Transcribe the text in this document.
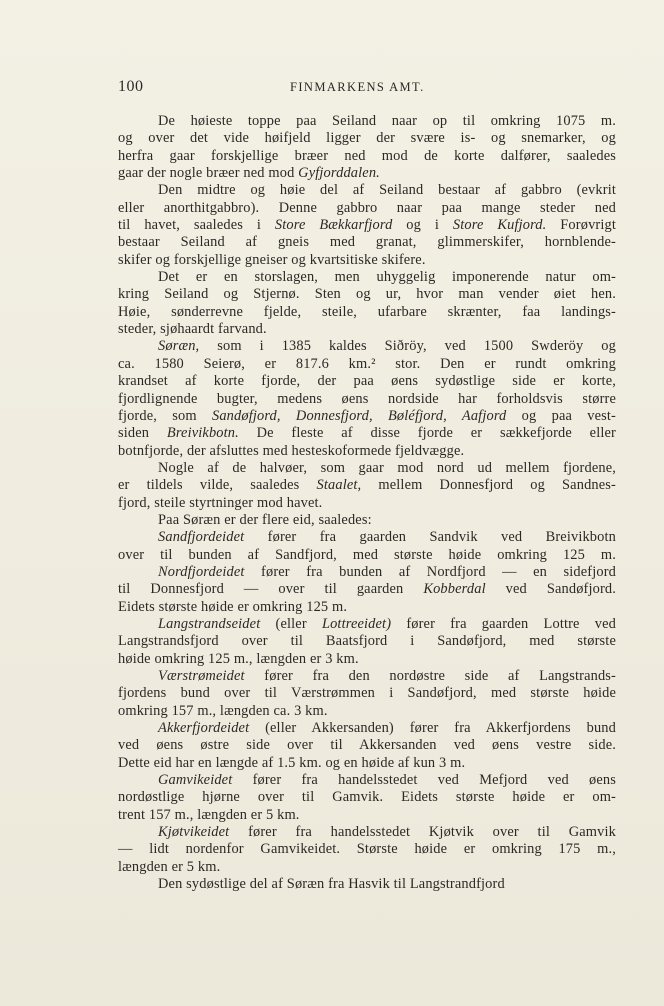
100	FINMARKENS AMT.
De høieste toppe paa Seiland naar op til omkring 1075 m.
og over det vide høifjeld ligger der svære is- og snemarker, og
herfra gaar forskjellige bræer ned mod de korte dalfører, saaledes
gaar der nogle bræer ned mod Gyfjorddalen.
Den midtre og høie del af Seiland bestaar af gabbro (evkrit
eller anorthitgabbro). Denne gabbro naar paa mange steder ned
til havet, saaledes i Store Bækkarfjord og i Store Kufjord. Forøvrigt
bestaar Seiland af gneis med granat, glimmerskifer, hornblende-
skifer og forskjellige gneiser og kvartsitiske skifere.
Det er en storslagen, men uhyggelig imponerende natur om-
kring Seiland og Stjernø. Sten og ur, hvor man vender øiet hen.
Høie, sønderrevne fjelde, steile, ufarbare skrænter, faa landings-
steder, sjøhaardt farvand.
Søræn, som i 1385 kaldes Siðröy, ved 1500 Swderöy og
ca. 1580 Seierø, er 817.6 km.² stor. Den er rundt omkring
krandset af korte fjorde, der paa øens sydøstlige side er korte,
fjordlignende bugter, medens øens nordside har forholdsvis større
fjorde, som Sandøfjord, Donnesfjord, Bøléfjord, Aafjord og paa vest-
siden Breivikbotn. De fleste af disse fjorde er sækkefjorde eller
botnfjorde, der afsluttes med hesteskoformede fjeldvægge.
Nogle af de halvøer, som gaar mod nord ud mellem fjordene,
er tildels vilde, saaledes Staalet, mellem Donnesfjord og Sandnes-
fjord, steile styrtninger mod havet.
Paa Søræn er der flere eid, saaledes:
Sandfjordeidet fører fra gaarden Sandvik ved Breivikbotn
over til bunden af Sandfjord, med største høide omkring 125 m.
Nordfjordeidet fører fra bunden af Nordfjord — en sidefjord
til Donnesfjord — over til gaarden Kobberdal ved Sandøfjord.
Eidets største høide er omkring 125 m.
Langstrandseidet (eller Lottreeidet) fører fra gaarden Lottre ved
Langstrandsfjord over til Baatsfjord i Sandøfjord, med største
høide omkring 125 m., længden er 3 km.
Værstrømeidet fører fra den nordøstre side af Langstrands-
fjordens bund over til Værstrømmen i Sandøfjord, med største høide
omkring 157 m., længden ca. 3 km.
Akkerfjordeidet (eller Akkersanden) fører fra Akkerfjordens bund
ved øens østre side over til Akkersanden ved øens vestre side.
Dette eid har en længde af 1.5 km. og en høide af kun 3 m.
Gamvikeidet fører fra handelsstedet ved Mefjord ved øens
nordøstlige hjørne over til Gamvik. Eidets største høide er om-
trent 157 m., længden er 5 km.
Kjøtvikeidet fører fra handelsstedet Kjøtvik over til Gamvik
— lidt nordenfor Gamvikeidet. Største høide er omkring 175 m.,
længden er 5 km.
Den sydøstlige del af Søræn fra Hasvik til Langstrandfjord
